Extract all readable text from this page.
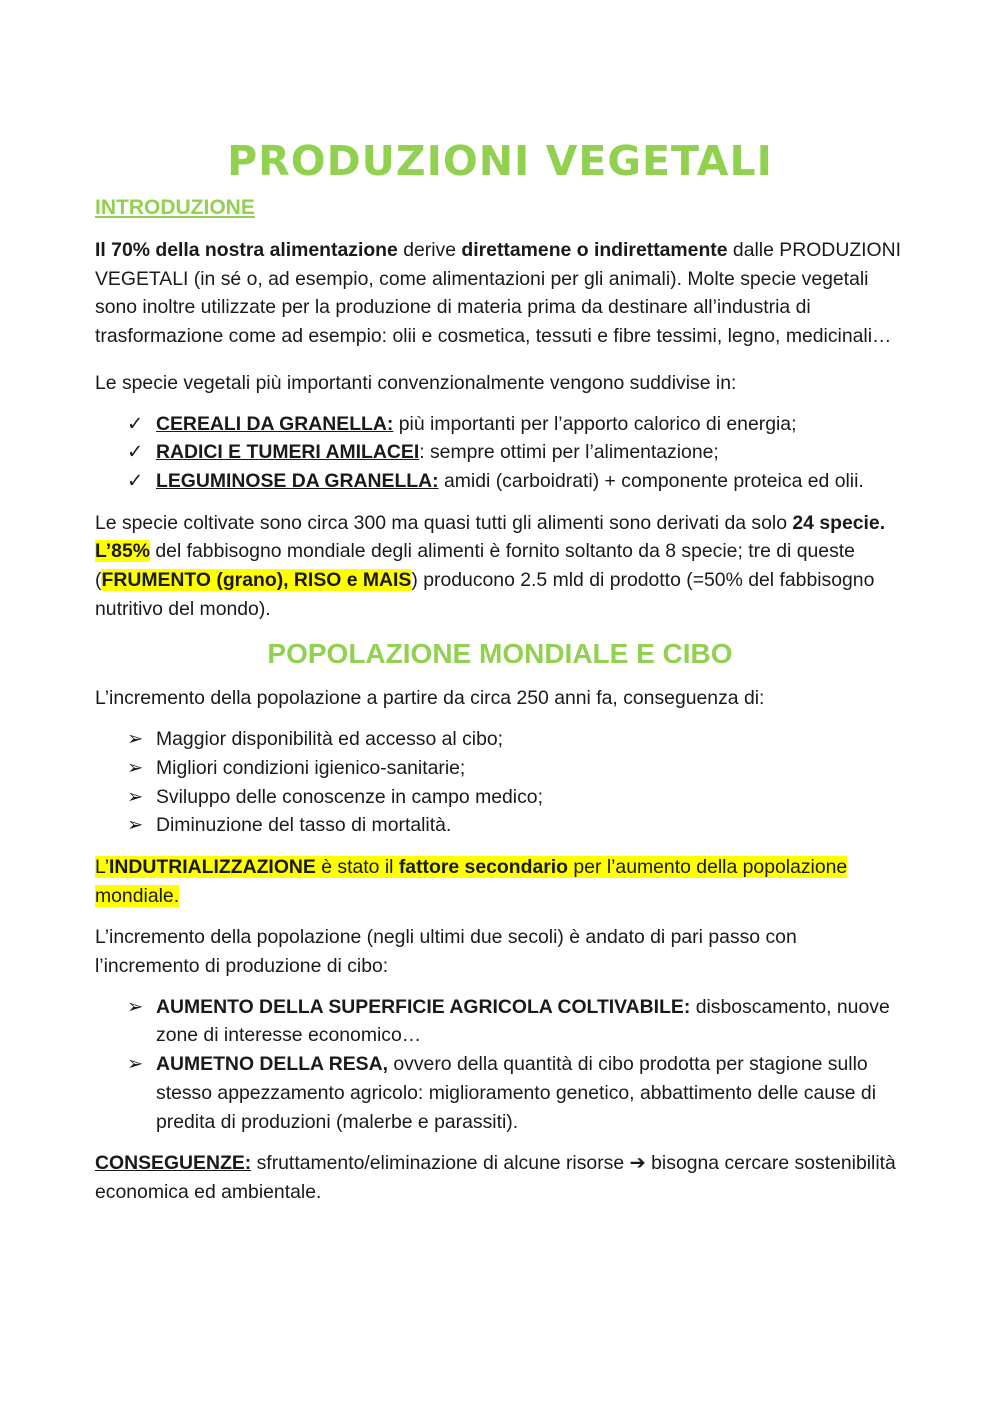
PRODUZIONI VEGETALI
INTRODUZIONE

Il 70% della nostra alimentazione derive direttamene o indirettamente dalle PRODUZIONI VEGETALI (in sé o, ad esempio, come alimentazioni per gli animali). Molte specie vegetali sono inoltre utilizzate per la produzione di materia prima da destinare all’industria di trasformazione come ad esempio: olii e cosmetica, tessuti e fibre tessimi, legno, medicinali…

Le specie vegetali più importanti convenzionalmente vengono suddivise in:

✓ CEREALI DA GRANELLA: più importanti per l’apporto calorico di energia;
✓ RADICI E TUMERI AMILACEI: sempre ottimi per l’alimentazione;
✓ LEGUMINOSE DA GRANELLA: amidi (carboidrati) + componente proteica ed olii.

Le specie coltivate sono circa 300 ma quasi tutti gli alimenti sono derivati da solo 24 specie. L’85% del fabbisogno mondiale degli alimenti è fornito soltanto da 8 specie; tre di queste (FRUMENTO (grano), RISO e MAIS) producono 2.5 mld di prodotto (=50% del fabbisogno nutritivo del mondo).

POPOLAZIONE MONDIALE E CIBO

L’incremento della popolazione a partire da circa 250 anni fa, conseguenza di:

➢ Maggior disponibilità ed accesso al cibo;
➢ Migliori condizioni igienico-sanitarie;
➢ Sviluppo delle conoscenze in campo medico;
➢ Diminuzione del tasso di mortalità.

L’INDUTRIALIZZAZIONE è stato il fattore secondario per l’aumento della popolazione mondiale.

L’incremento della popolazione (negli ultimi due secoli) è andato di pari passo con l’incremento di produzione di cibo:

➢ AUMENTO DELLA SUPERFICIE AGRICOLA COLTIVABILE: disboscamento, nuove zone di interesse economico…
➢ AUMETNO DELLA RESA, ovvero della quantità di cibo prodotta per stagione sullo stesso appezzamento agricolo: miglioramento genetico, abbattimento delle cause di predita di produzioni (malerbe e parassiti).

CONSEGUENZE: sfruttamento/eliminazione di alcune risorse ➔ bisogna cercare sostenibilità economica ed ambientale.
